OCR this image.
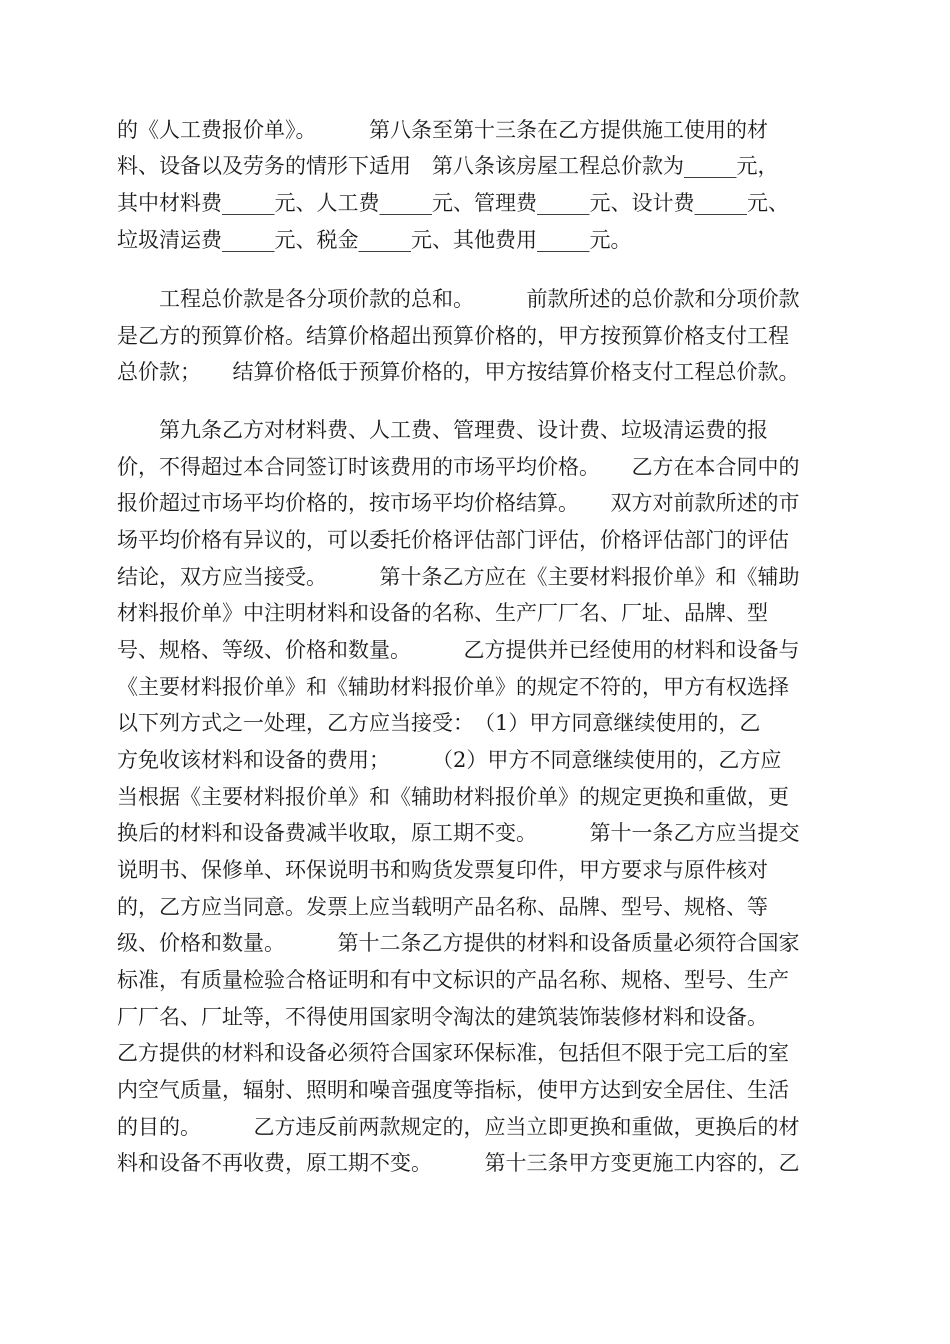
的《人工费报价单》。　　　第八条至第十三条在乙方提供施工使用的材
料、设备以及劳务的情形下适用　第八条该房屋工程总价款为_____元，
其中材料费_____元、人工费_____元、管理费_____元、设计费_____元、
垃圾清运费_____元、税金_____元、其他费用_____元。
　　工程总价款是各分项价款的总和。　　　前款所述的总价款和分项价款
是乙方的预算价格。结算价格超出预算价格的，甲方按预算价格支付工程
总价款；　　结算价格低于预算价格的，甲方按结算价格支付工程总价款。
　　第九条乙方对材料费、人工费、管理费、设计费、垃圾清运费的报
价，不得超过本合同签订时该费用的市场平均价格。　　乙方在本合同中的
报价超过市场平均价格的，按市场平均价格结算。　　双方对前款所述的市
场平均价格有异议的，可以委托价格评估部门评估，价格评估部门的评估
结论，双方应当接受。　　　第十条乙方应在《主要材料报价单》和《辅助
材料报价单》中注明材料和设备的名称、生产厂厂名、厂址、品牌、型
号、规格、等级、价格和数量。　　　乙方提供并已经使用的材料和设备与
《主要材料报价单》和《辅助材料报价单》的规定不符的，甲方有权选择
以下列方式之一处理，乙方应当接受：　（1）甲方同意继续使用的，乙
方免收该材料和设备的费用；　　　（2）甲方不同意继续使用的，乙方应
当根据《主要材料报价单》和《辅助材料报价单》的规定更换和重做，更
换后的材料和设备费减半收取，原工期不变。　　　第十一条乙方应当提交
说明书、保修单、环保说明书和购货发票复印件，甲方要求与原件核对
的，乙方应当同意。发票上应当载明产品名称、品牌、型号、规格、等
级、价格和数量。　　　第十二条乙方提供的材料和设备质量必须符合国家
标准，有质量检验合格证明和有中文标识的产品名称、规格、型号、生产
厂厂名、厂址等，不得使用国家明令淘汰的建筑装饰装修材料和设备。
乙方提供的材料和设备必须符合国家环保标准，包括但不限于完工后的室
内空气质量，辐射、照明和噪音强度等指标，使甲方达到安全居住、生活
的目的。　　　乙方违反前两款规定的，应当立即更换和重做，更换后的材
料和设备不再收费，原工期不变。　　　第十三条甲方变更施工内容的，乙
